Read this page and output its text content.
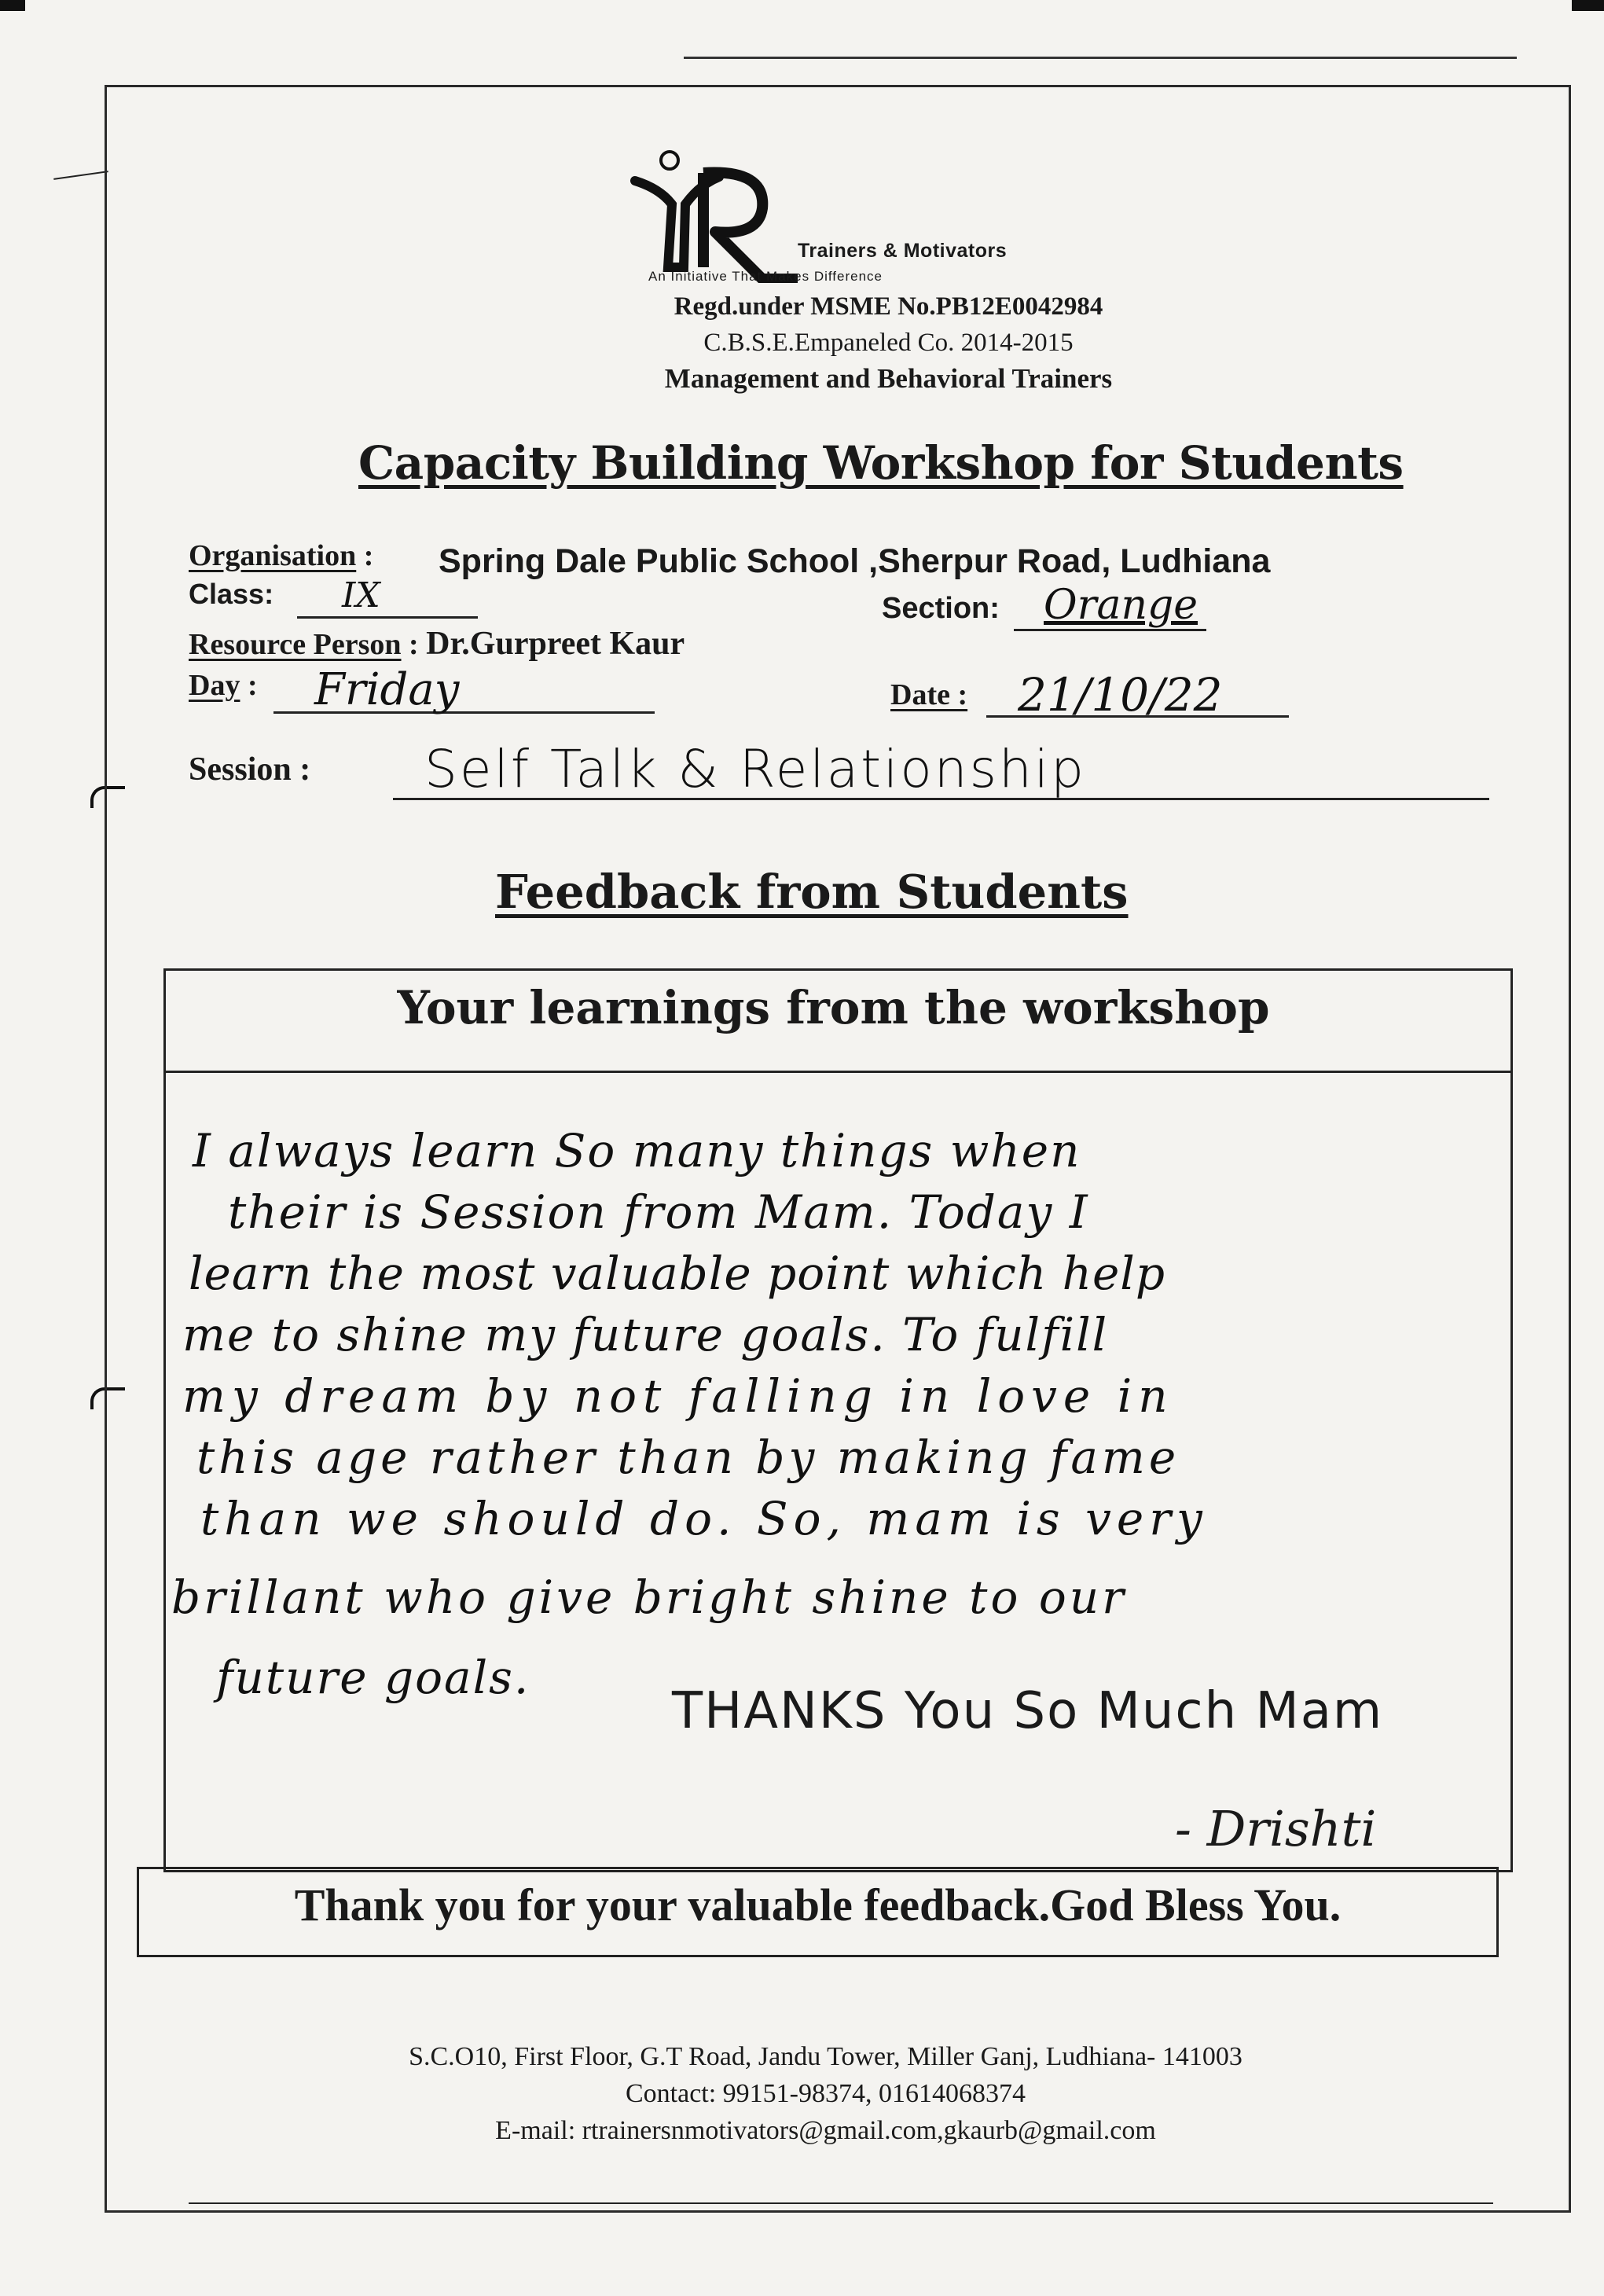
Trainers & Motivators
An Initiative That Makes Difference
Regd.under MSME No.PB12E0042984
C.B.S.E.Empaneled Co. 2014-2015
Management and Behavioral Trainers
Capacity Building Workshop for Students
Organisation : Spring Dale Public School ,Sherpur Road, Ludhiana
Class: IX	Section: Orange
Resource Person : Dr.Gurpreet Kaur
Day : Friday	Date : 21/10/22
Session : Self Talk & Relationship
Feedback from Students
Your learnings from the workshop
I always learn So many things when
their is Session from Mam. Today I
learn the most valuable point which help
me to shine my future goals. To fulfill
my dream by not falling in love in
this age rather than by making fame
than we should do. So, mam is very
brillant who give bright shine to our
future goals.
THANKS You So Much Mam
- Drishti
Thank you for your valuable feedback.God Bless You.
S.C.O10, First Floor, G.T Road, Jandu Tower, Miller Ganj, Ludhiana- 141003
Contact: 99151-98374, 01614068374
E-mail: rtrainersnmotivators@gmail.com,gkaurb@gmail.com
